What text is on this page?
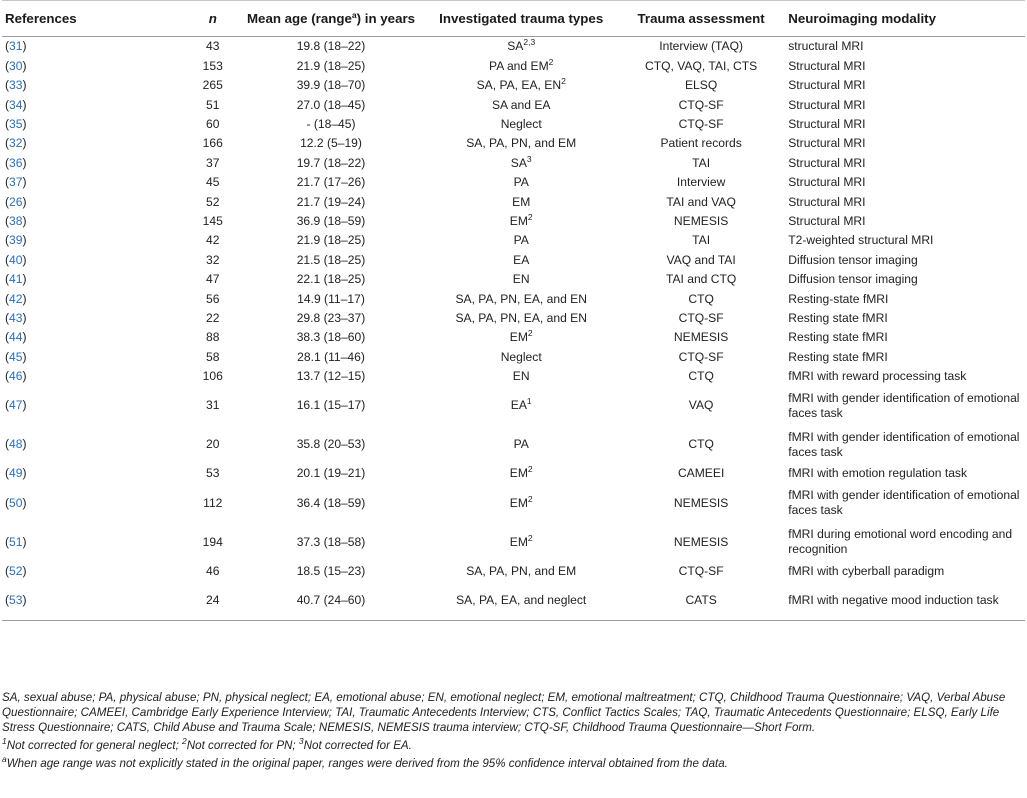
References	n	Mean age (range$^a$) in years	Investigated trauma types	Trauma assessment	Neuroimaging modality
(31)	43	19.8 (18–22)	SA$^{2,3}$	Interview (TAQ)	structural MRI
(30)	153	21.9 (18–25)	PA and $EM^2$	CTQ, VAQ, TAI, CTS	Structural MRI
(33)	265	39.9 (18–70)	SA, PA, EA, $EN^2$	ELSQ	Structural MRI
(34)	51	27.0 (18–45)	SA and EA	CTQ-SF	Structural MRI
(35)	60	- (18–45)	Neglect	CTQ-SF	Structural MRI
(32)	166	12.2 (5–19)	SA, PA, PN, and EM	Patient records	Structural MRI
(36)	37	19.7 (18–22)	$SA^3$	TAI	Structural MRI
(37)	45	21.7 (17–26)	PA	Interview	Structural MRI
(26)	52	21.7 (19–24)	EM	TAI and VAQ	Structural MRI
(38)	145	36.9 (18–59)	$EM^2$	NEMESIS	Structural MRI
(39)	42	21.9 (18–25)	PA	TAI	T2-weighted structural MRI
(40)	32	21.5 (18–25)	EA	VAQ and TAI	Diffusion tensor imaging
(41)	47	22.1 (18–25)	EN	TAI and CTQ	Diffusion tensor imaging
(42)	56	14.9 (11–17)	SA, PA, PN, EA, and EN	CTQ	Resting-state fMRI
(43)	22	29.8 (23–37)	SA, PA, PN, EA, and EN	CTQ-SF	Resting state fMRI
(44)	88	38.3 (18–60)	$EM^2$	NEMESIS	Resting state fMRI
(45)	58	28.1 (11–46)	Neglect	CTQ-SF	Resting state fMRI
(46)	106	13.7 (12–15)	EN	CTQ	fMRI with reward processing task
(47)	31	16.1 (15–17)	$EA^1$	VAQ	fMRI with gender identification of emotional faces task
(48)	20	35.8 (20–53)	PA	CTQ	fMRI with gender identification of emotional faces task
(49)	53	20.1 (19–21)	$EM^2$	CAMEEI	fMRI with emotion regulation task
(50)	112	36.4 (18–59)	$EM^2$	NEMESIS	fMRI with gender identification of emotional faces task
(51)	194	37.3 (18–58)	$EM^2$	NEMESIS	fMRI during emotional word encoding and recognition
(52)	46	18.5 (15–23)	SA, PA, PN, and EM	CTQ-SF	fMRI with cyberball paradigm
(53)	24	40.7 (24–60)	SA, PA, EA, and neglect	CATS	fMRI with negative mood induction task

SA, sexual abuse; PA, physical abuse; PN, physical neglect; EA, emotional abuse; EN, emotional neglect; EM, emotional maltreatment; CTQ, Childhood Trauma Questionnaire; VAQ, Verbal Abuse Questionnaire; CAMEEI, Cambridge Early Experience Interview; TAI, Traumatic Antecedents Interview; CTS, Conflict Tactics Scales; TAQ, Traumatic Antecedents Questionnaire; ELSQ, Early Life Stress Questionnaire; CATS, Child Abuse and Trauma Scale; NEMESIS, NEMESIS trauma interview; CTQ-SF, Childhood Trauma Questionnaire—Short Form.

$^1$Not corrected for general neglect; $^2$Not corrected for PN; $^3$Not corrected for EA.

$^a$When age range was not explicitly stated in the original paper, ranges were derived from the 95% confidence interval obtained from the data.
